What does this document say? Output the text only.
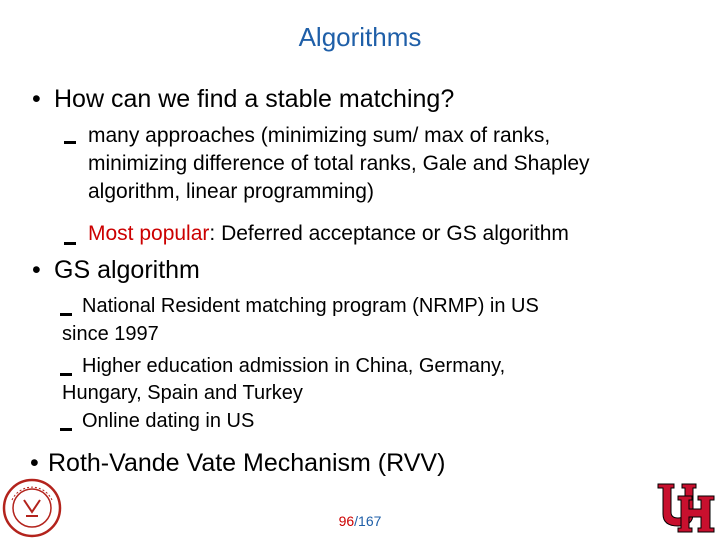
Algorithms
• How can we find a stable matching?
many approaches (minimizing sum/ max of ranks,
minimizing difference of total ranks, Gale and Shapley
algorithm, linear programming)
Most popular: Deferred acceptance or GS algorithm
• GS algorithm
National Resident matching program (NRMP) in US
since 1997
Higher education admission in China, Germany,
Hungary, Spain and Turkey
Online dating in US
• Roth-Vande Vate Mechanism (RVV)
96/167
